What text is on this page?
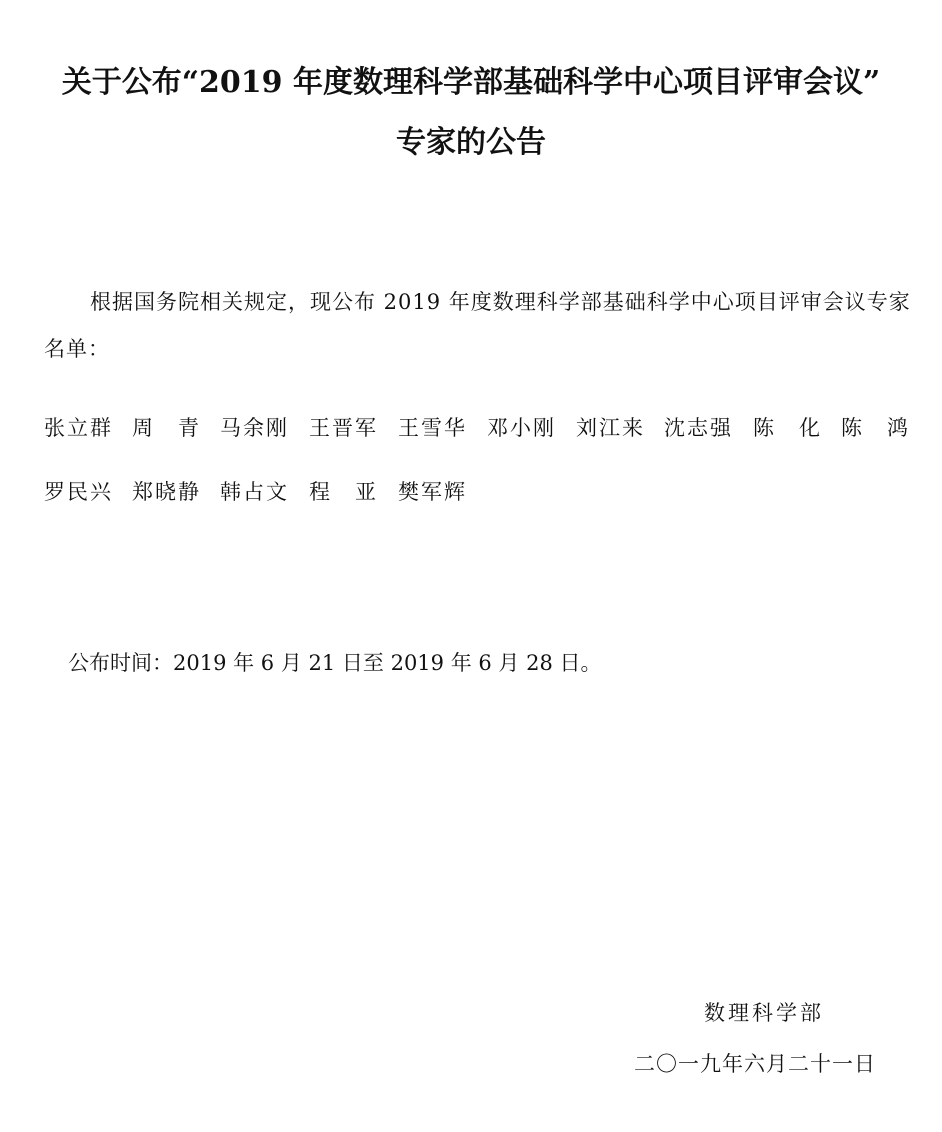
关于公布“2019 年度数理科学部基础科学中心项目评审会议”
专家的公告
根据国务院相关规定，现公布 2019 年度数理科学部基础科学中心项目评审会议专家名单：
张立群 周　青 马余刚 王晋军 王雪华 邓小刚 刘江来 沈志强 陈　化 陈　鸿
罗民兴 郑晓静 韩占文 程　亚 樊军辉
公布时间：2019 年 6 月 21 日至 2019 年 6 月 28 日。
数理科学部
二〇一九年六月二十一日
